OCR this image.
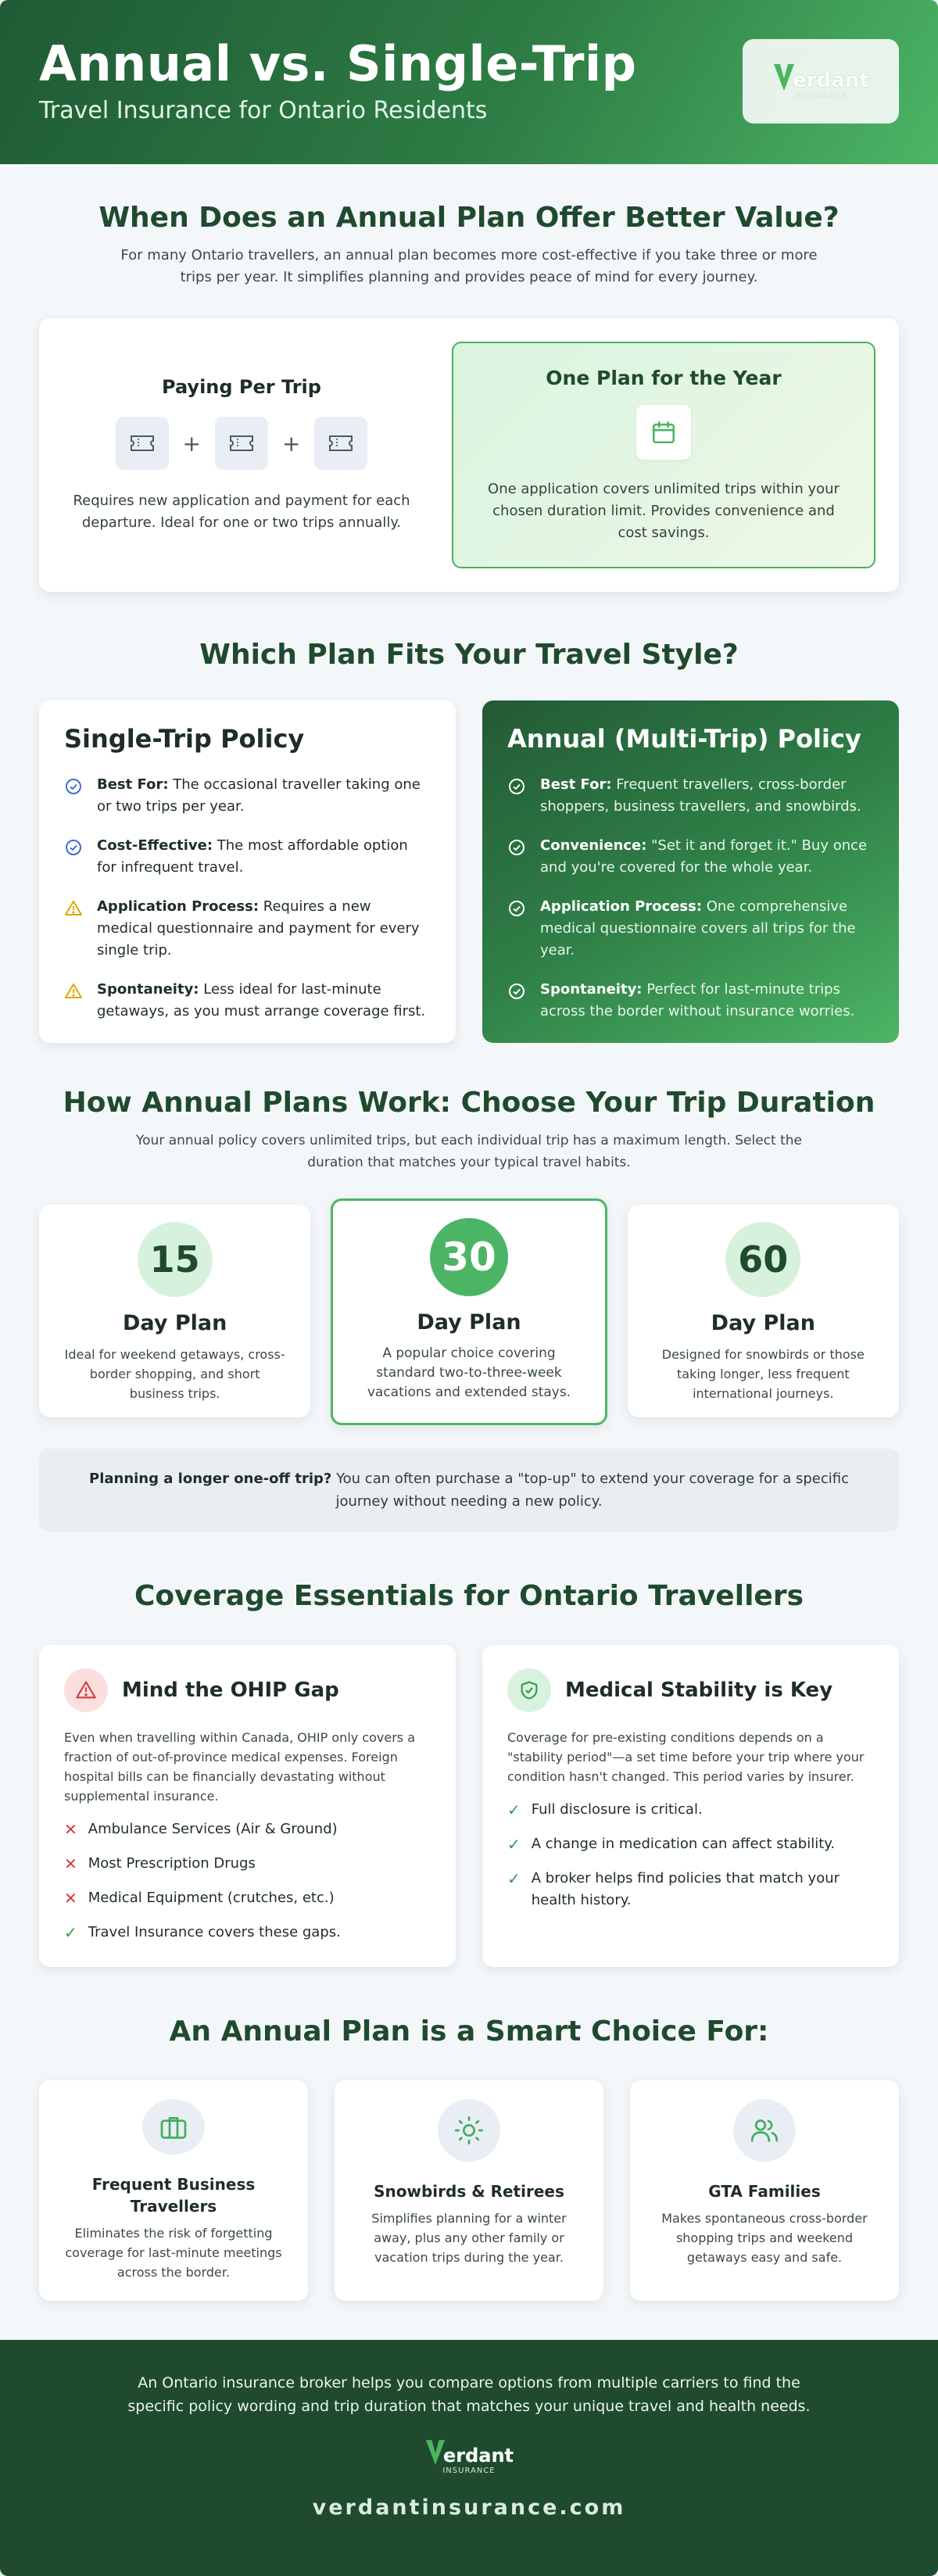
Annual vs. Single-Trip
Travel Insurance for Ontario Residents
erdant
INSURANCE
When Does an Annual Plan Offer Better Value?

For many Ontario travellers, an annual plan becomes more cost-effective if you take three or more trips per year. It simplifies planning and provides peace of mind for every journey.

Paying Per Trip
+	+

Requires new application and payment for each departure. Ideal for one or two trips annually.

One Plan for the Year

One application covers unlimited trips within your chosen duration limit. Provides convenience and cost savings.

Which Plan Fits Your Travel Style?
Single-Trip Policy
Best For: The occasional traveller taking one or two trips per year.
Cost-Effective: The most affordable option for infrequent travel.
Application Process: Requires a new medical questionnaire and payment for every single trip.
Spontaneity: Less ideal for last-minute getaways, as you must arrange coverage first.
Annual (Multi-Trip) Policy
Best For: Frequent travellers, cross-border shoppers, business travellers, and snowbirds.
Convenience: "Set it and forget it." Buy once and you're covered for the whole year.
Application Process: One comprehensive medical questionnaire covers all trips for the year.
Spontaneity: Perfect for last-minute trips across the border without insurance worries.
How Annual Plans Work: Choose Your Trip Duration

Your annual policy covers unlimited trips, but each individual trip has a maximum length. Select the duration that matches your typical travel habits.

15
Day Plan

Ideal for weekend getaways, cross-border shopping, and short business trips.

30
Day Plan

A popular choice covering standard two-to-three-week vacations and extended stays.

60
Day Plan

Designed for snowbirds or those taking longer, less frequent international journeys.

Planning a longer one-off trip? You can often purchase a "top-up" to extend your coverage for a specific journey without needing a new policy.
Coverage Essentials for Ontario Travellers
Mind the OHIP Gap

Even when travelling within Canada, OHIP only covers a fraction of out-of-province medical expenses. Foreign hospital bills can be financially devastating without supplemental insurance.

✕ Ambulance Services (Air & Ground)
✕ Most Prescription Drugs
✕ Medical Equipment (crutches, etc.)
✓ Travel Insurance covers these gaps.
Medical Stability is Key

Coverage for pre-existing conditions depends on a "stability period"—a set time before your trip where your condition hasn't changed. This period varies by insurer.

✓ Full disclosure is critical.
✓ A change in medication can affect stability.
✓ A broker helps find policies that match your health history.
An Annual Plan is a Smart Choice For:
Frequent Business Travellers

Eliminates the risk of forgetting coverage for last-minute meetings across the border.

Snowbirds & Retirees

Simplifies planning for a winter away, plus any other family or vacation trips during the year.

GTA Families

Makes spontaneous cross-border shopping trips and weekend getaways easy and safe.

An Ontario insurance broker helps you compare options from multiple carriers to find the specific policy wording and trip duration that matches your unique travel and health needs.

erdant
INSURANCE
verdantinsurance.com
